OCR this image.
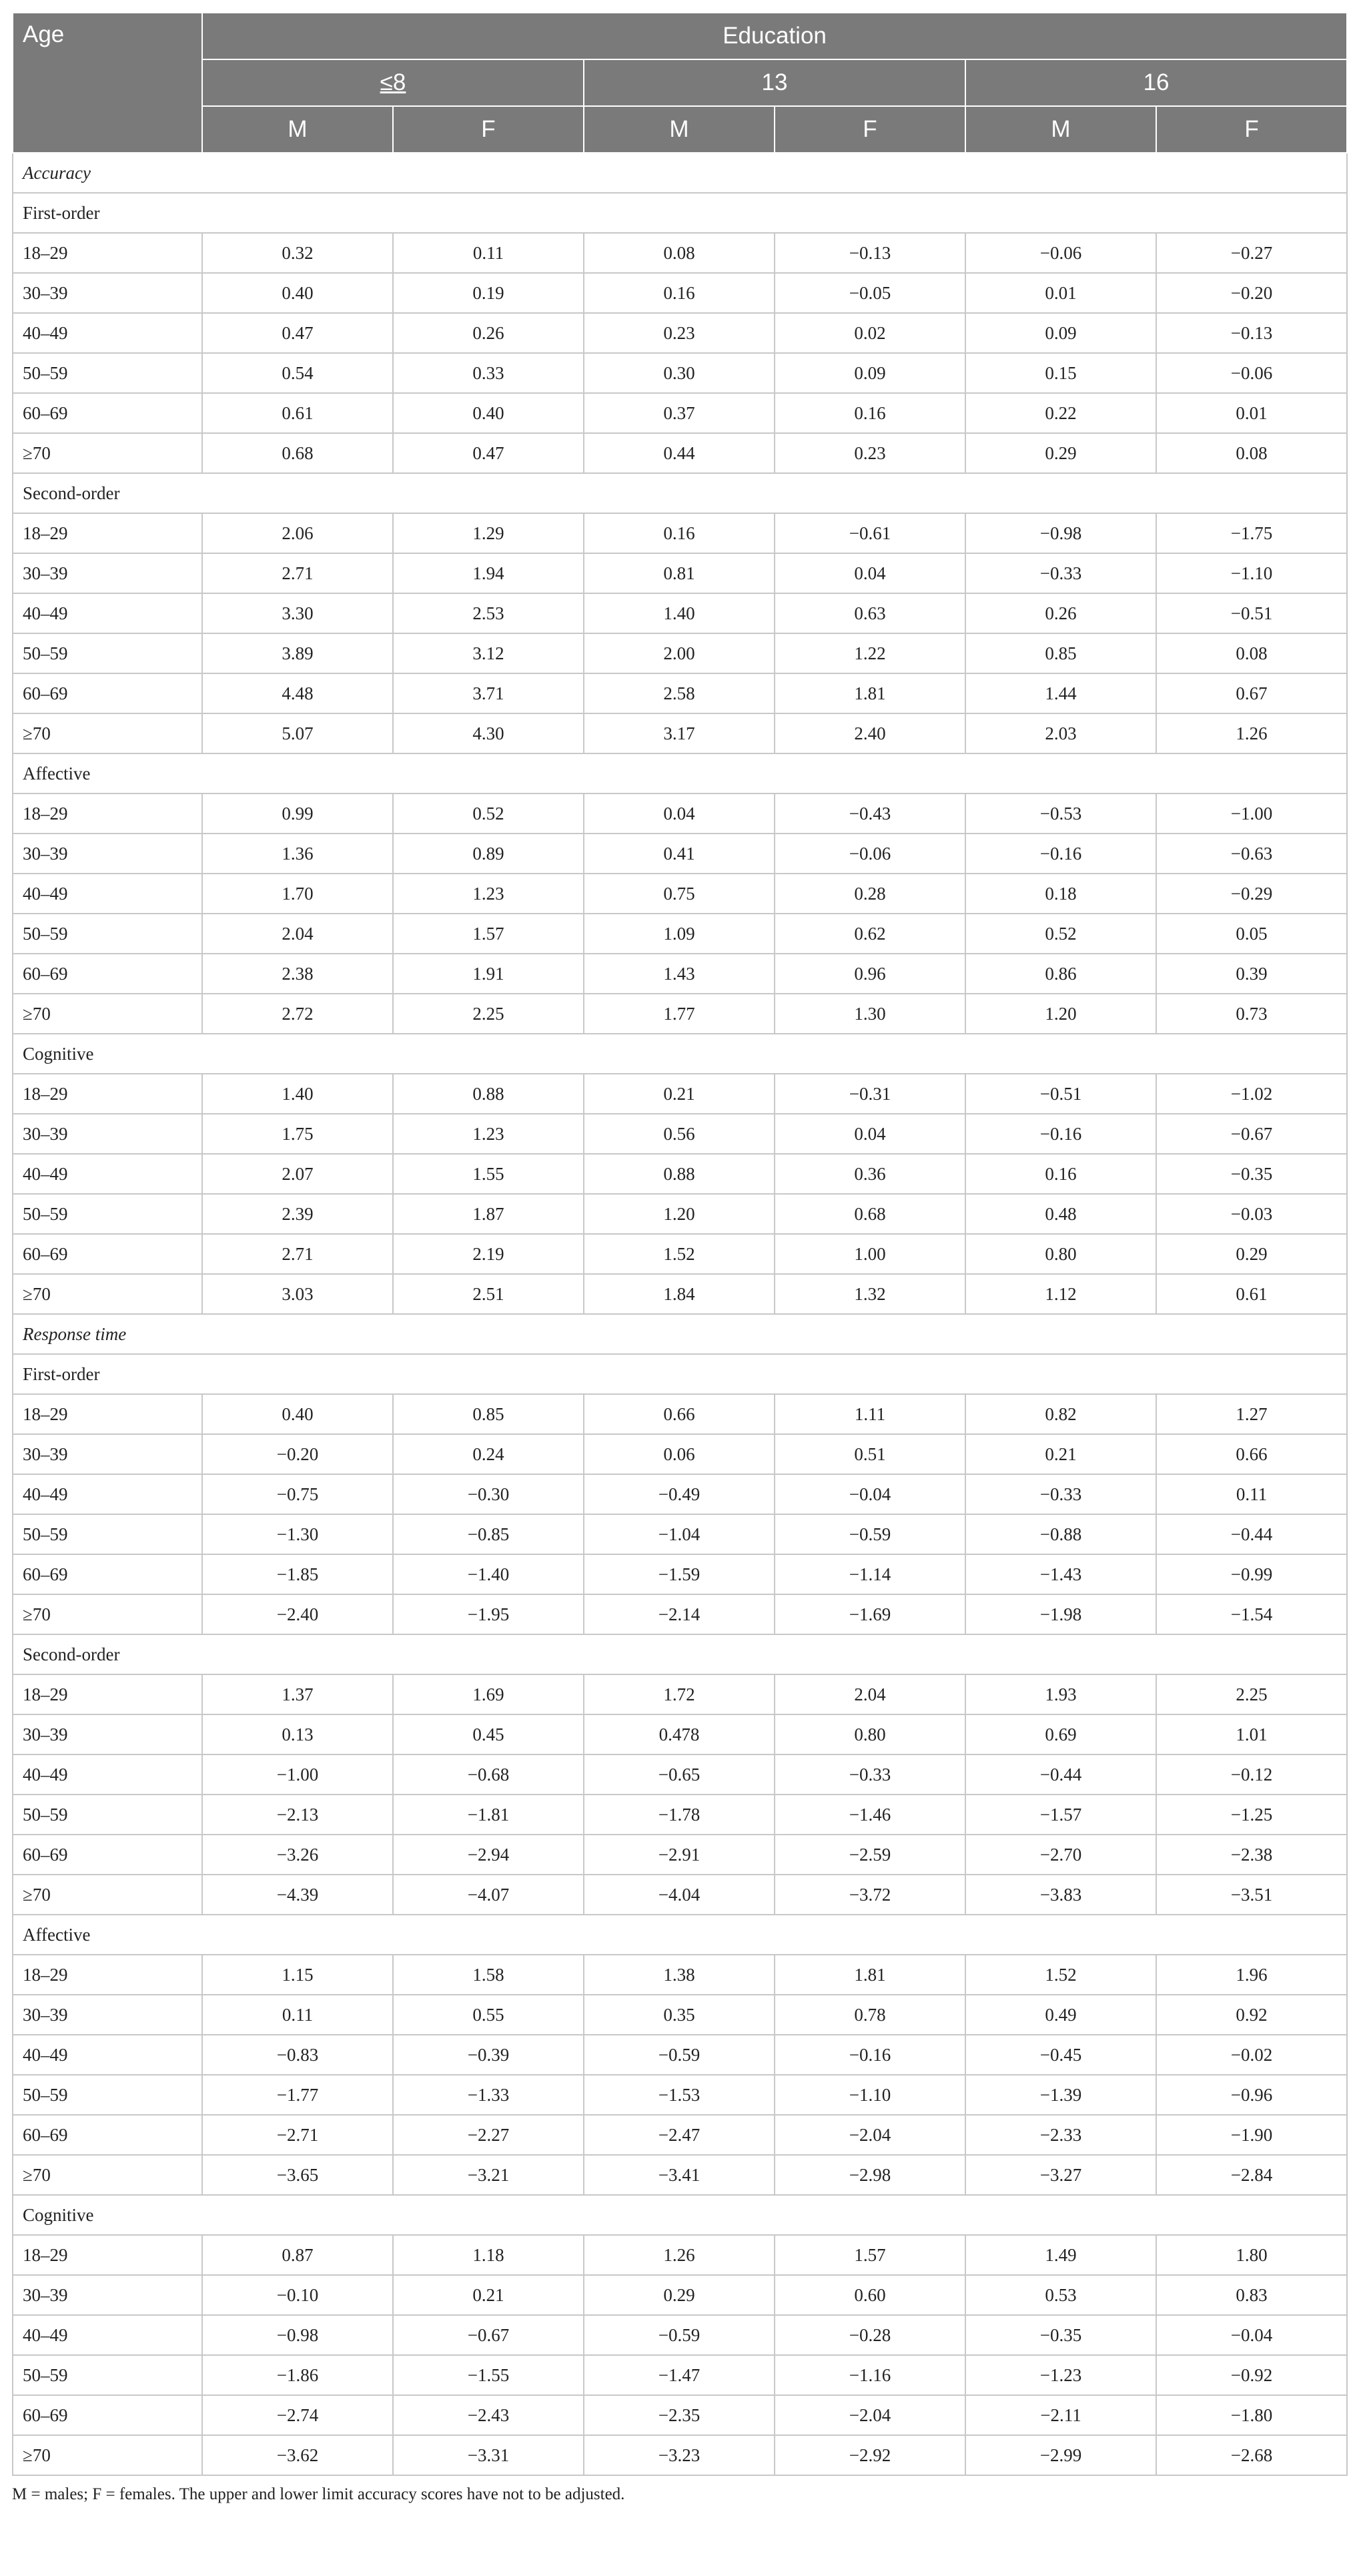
Age	Education					
	≤8		13		16	
	M	F	M	F	M	F
Accuracy						
First-order						
18–29	0.32	0.11	0.08	−0.13	−0.06	−0.27
30–39	0.40	0.19	0.16	−0.05	0.01	−0.20
40–49	0.47	0.26	0.23	0.02	0.09	−0.13
50–59	0.54	0.33	0.30	0.09	0.15	−0.06
60–69	0.61	0.40	0.37	0.16	0.22	0.01
≥70	0.68	0.47	0.44	0.23	0.29	0.08
Second-order						
18–29	2.06	1.29	0.16	−0.61	−0.98	−1.75
30–39	2.71	1.94	0.81	0.04	−0.33	−1.10
40–49	3.30	2.53	1.40	0.63	0.26	−0.51
50–59	3.89	3.12	2.00	1.22	0.85	0.08
60–69	4.48	3.71	2.58	1.81	1.44	0.67
≥70	5.07	4.30	3.17	2.40	2.03	1.26
Affective						
18–29	0.99	0.52	0.04	−0.43	−0.53	−1.00
30–39	1.36	0.89	0.41	−0.06	−0.16	−0.63
40–49	1.70	1.23	0.75	0.28	0.18	−0.29
50–59	2.04	1.57	1.09	0.62	0.52	0.05
60–69	2.38	1.91	1.43	0.96	0.86	0.39
≥70	2.72	2.25	1.77	1.30	1.20	0.73
Cognitive						
18–29	1.40	0.88	0.21	−0.31	−0.51	−1.02
30–39	1.75	1.23	0.56	0.04	−0.16	−0.67
40–49	2.07	1.55	0.88	0.36	0.16	−0.35
50–59	2.39	1.87	1.20	0.68	0.48	−0.03
60–69	2.71	2.19	1.52	1.00	0.80	0.29
≥70	3.03	2.51	1.84	1.32	1.12	0.61
Response time						
First-order						
18–29	0.40	0.85	0.66	1.11	0.82	1.27
30–39	−0.20	0.24	0.06	0.51	0.21	0.66
40–49	−0.75	−0.30	−0.49	−0.04	−0.33	0.11
50–59	−1.30	−0.85	−1.04	−0.59	−0.88	−0.44
60–69	−1.85	−1.40	−1.59	−1.14	−1.43	−0.99
≥70	−2.40	−1.95	−2.14	−1.69	−1.98	−1.54
Second-order						
18–29	1.37	1.69	1.72	2.04	1.93	2.25
30–39	0.13	0.45	0.478	0.80	0.69	1.01
40–49	−1.00	−0.68	−0.65	−0.33	−0.44	−0.12
50–59	−2.13	−1.81	−1.78	−1.46	−1.57	−1.25
60–69	−3.26	−2.94	−2.91	−2.59	−2.70	−2.38
≥70	−4.39	−4.07	−4.04	−3.72	−3.83	−3.51
Affective						
18–29	1.15	1.58	1.38	1.81	1.52	1.96
30–39	0.11	0.55	0.35	0.78	0.49	0.92
40–49	−0.83	−0.39	−0.59	−0.16	−0.45	−0.02
50–59	−1.77	−1.33	−1.53	−1.10	−1.39	−0.96
60–69	−2.71	−2.27	−2.47	−2.04	−2.33	−1.90
≥70	−3.65	−3.21	−3.41	−2.98	−3.27	−2.84
Cognitive						
18–29	0.87	1.18	1.26	1.57	1.49	1.80
30–39	−0.10	0.21	0.29	0.60	0.53	0.83
40–49	−0.98	−0.67	−0.59	−0.28	−0.35	−0.04
50–59	−1.86	−1.55	−1.47	−1.16	−1.23	−0.92
60–69	−2.74	−2.43	−2.35	−2.04	−2.11	−1.80
≥70	−3.62	−3.31	−3.23	−2.92	−2.99	−2.68
M = males; F = females. The upper and lower limit accuracy scores have not to be adjusted.
